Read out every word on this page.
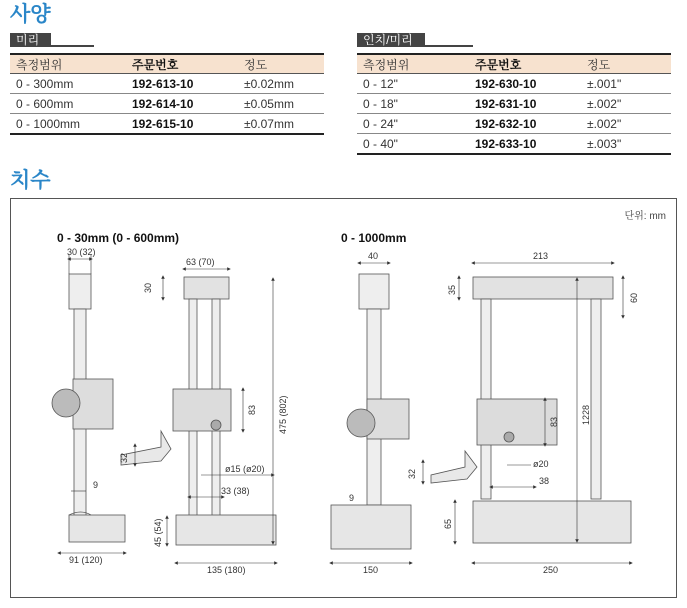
사양
미리
측정범위	주문번호	정도
0 - 300mm	192-613-10	±0.02mm
0 - 600mm	192-614-10	±0.05mm
0 - 1000mm	192-615-10	±0.07mm
인치/미리
측정범위	주문번호	정도
0 - 12"	192-630-10	±.001"
0 - 18"	192-631-10	±.002"
0 - 24"	192-632-10	±.002"
0 - 40"	192-633-10	±.003"
치수
단위: mm
0 - 30mm (0 - 600mm)	0 - 1000mm
30 (32)
9
91 (120)
63 (70)
30
475 (802)
83
32
ø15 (ø20)
33 (38)
45 (54)
135 (180)
40
9
150
213
35
60
83 1228
32
ø20
38
65
250
